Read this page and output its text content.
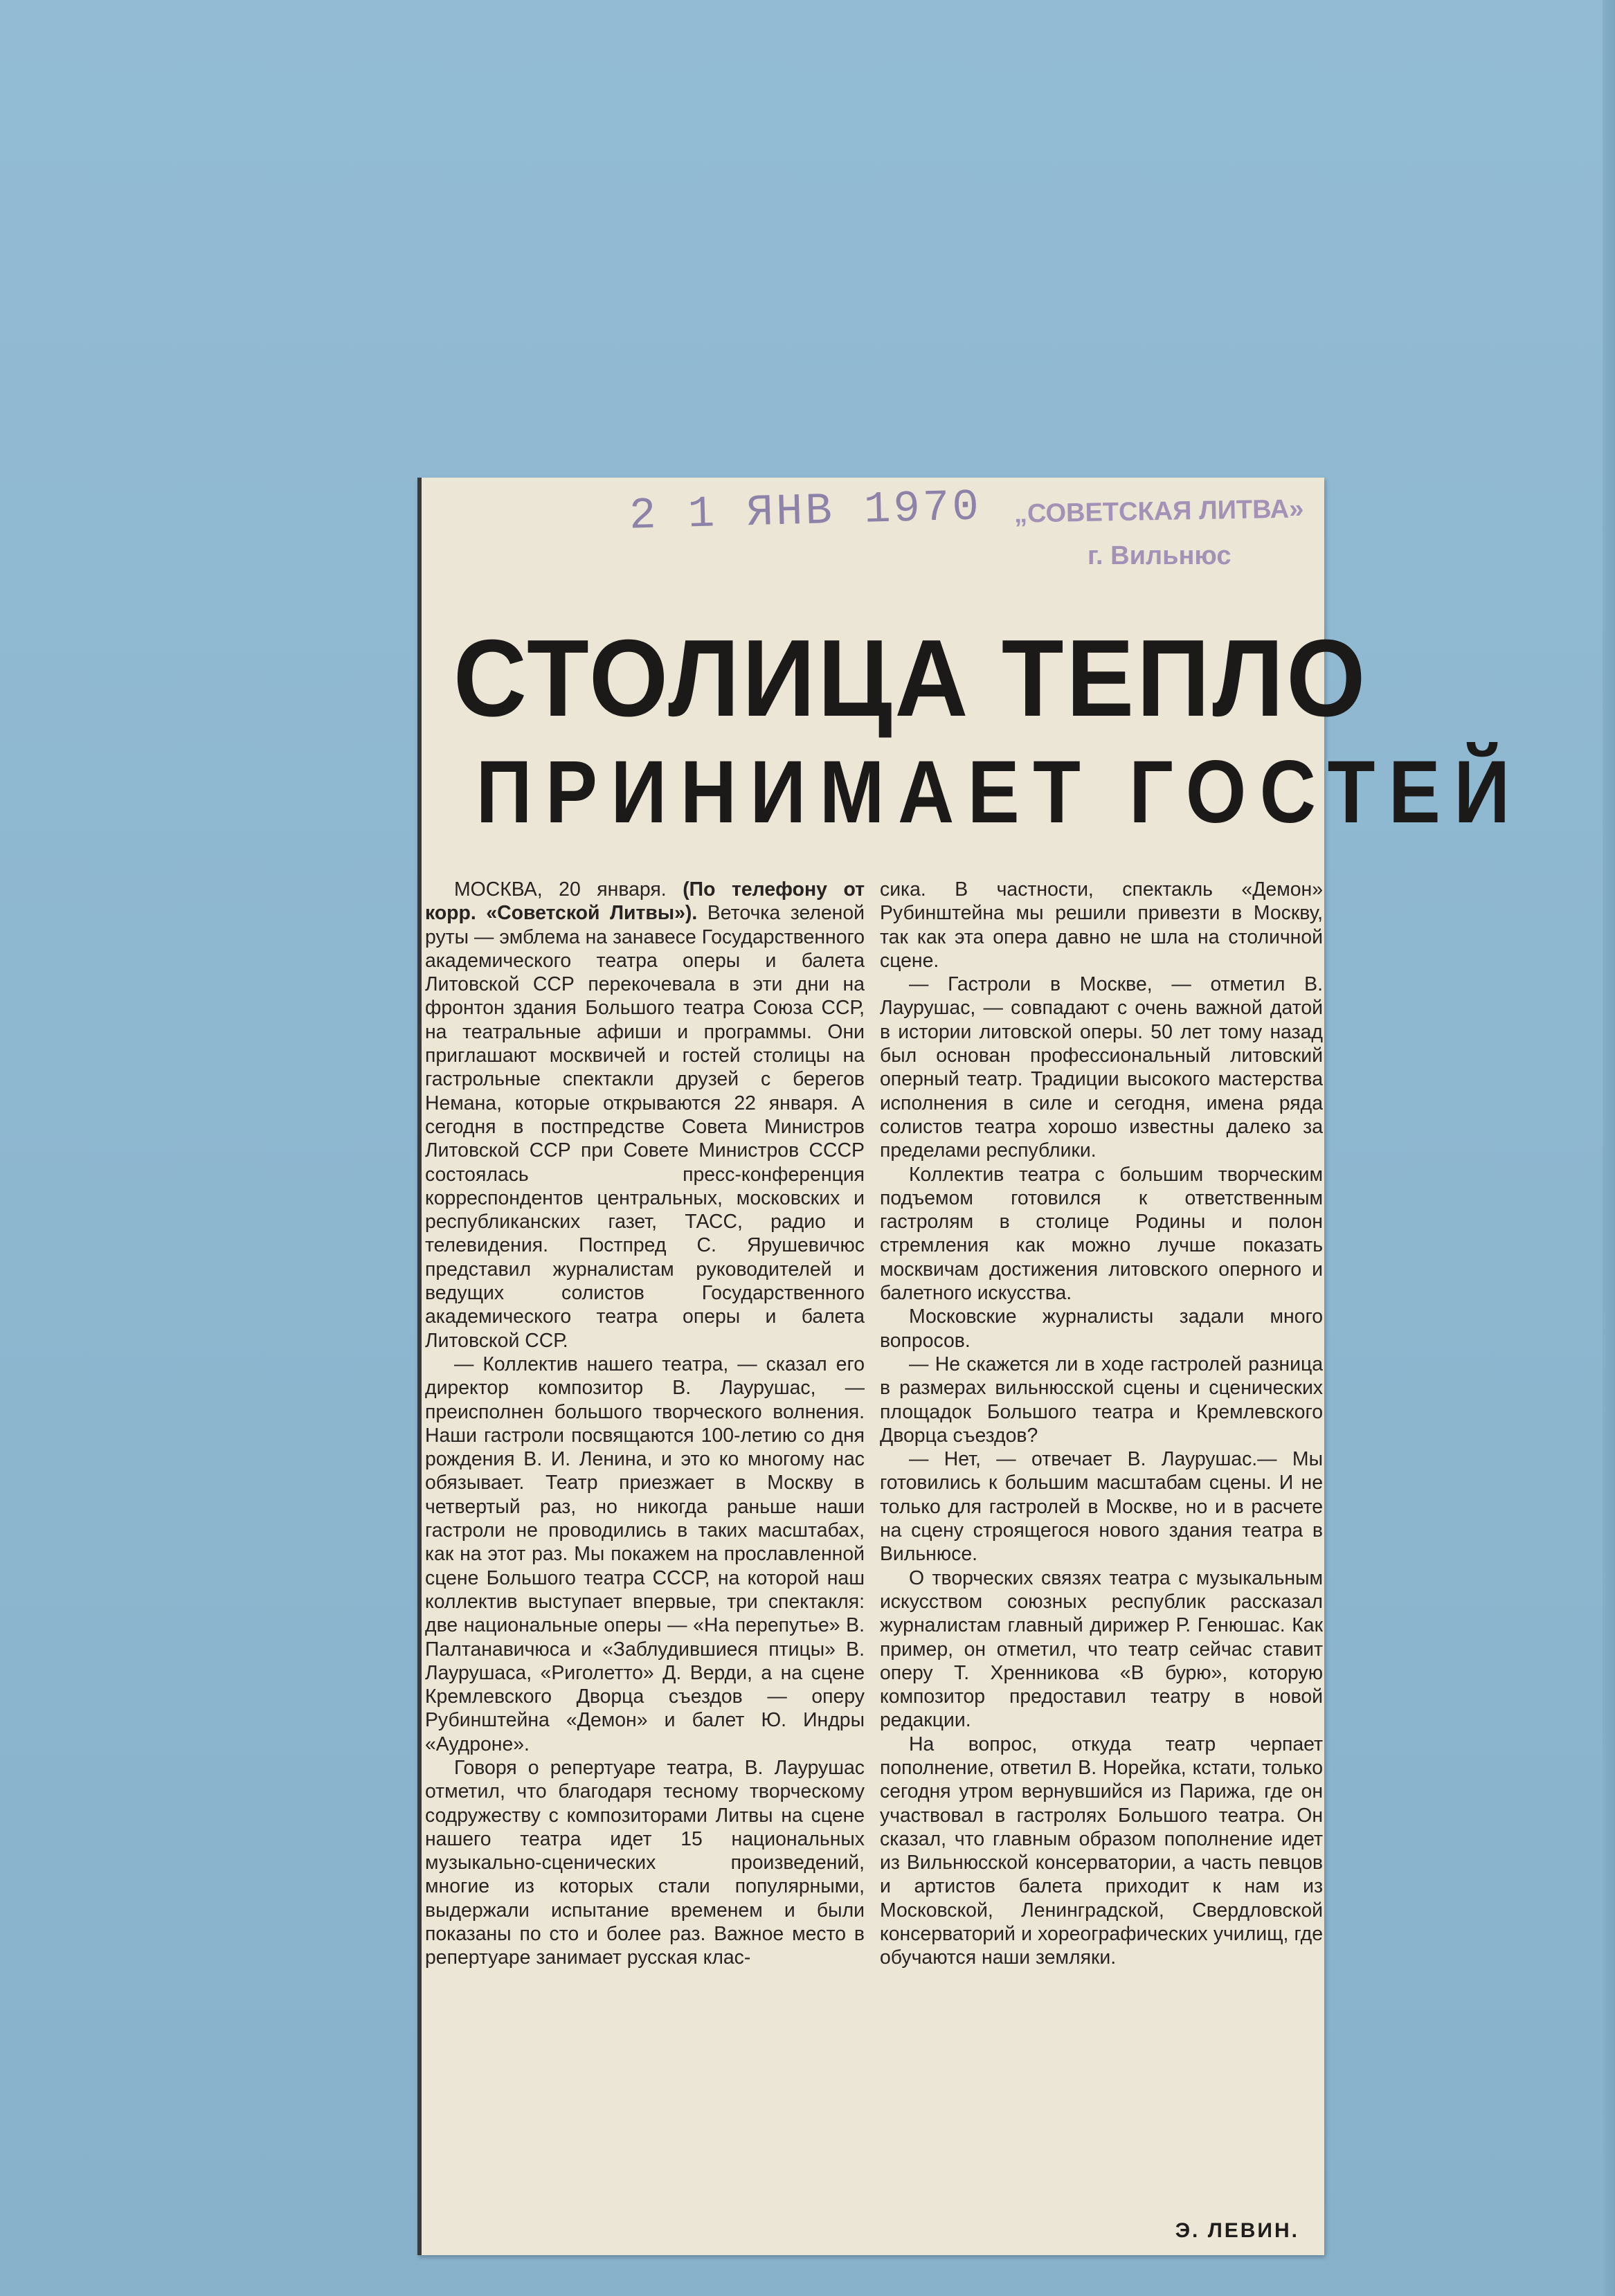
2 1 ЯНВ 1970 „СОВЕТСКАЯ ЛИТВА»
г. Вильнюс
СТОЛИЦА ТЕПЛО
ПРИНИМАЕТ ГОСТЕЙ

МОСКВА, 20 января. (По телефону от корр. «Советской Литвы»). Веточка зеленой руты — эмблема на занавесе Государственного академического театра оперы и балета Литовской ССР перекочевала в эти дни на фронтон здания Большого театра Союза ССР, на театральные афиши и программы. Они приглашают москвичей и гостей столицы на гастрольные спектакли друзей с берегов Немана, которые открываются 22 января. А сегодня в постпредстве Совета Министров Литовской ССР при Совете Министров СССР состоялась пресс-конференция корреспондентов центральных, московских и республиканских газет, ТАСС, радио и телевидения. Постпред С. Ярушевичюс представил журналистам руководителей и ведущих солистов Государственного академического театра оперы и балета Литовской ССР.

— Коллектив нашего театра, — сказал его директор композитор В. Лаурушас, — преисполнен большого творческого волнения. Наши гастроли посвящаются 100-летию со дня рождения В. И. Ленина, и это ко многому нас обязывает. Театр приезжает в Москву в четвертый раз, но никогда раньше наши гастроли не проводились в таких масштабах, как на этот раз. Мы покажем на прославленной сцене Большого театра СССР, на которой наш коллектив выступает впервые, три спектакля: две национальные оперы — «На перепутье» В. Палтанавичюса и «Заблудившиеся птицы» В. Лаурушаса, «Риголетто» Д. Верди, а на сцене Кремлевского Дворца съездов — оперу Рубинштейна «Демон» и балет Ю. Индры «Аудроне».

Говоря о репертуаре театра, В. Лаурушас отметил, что благодаря тесному творческому содружеству с композиторами Литвы на сцене нашего театра идет 15 национальных музыкально-сценических произведений, многие из которых стали популярными, выдержали испытание временем и были показаны по сто и более раз. Важное место в репертуаре занимает русская клас-

сика. В частности, спектакль «Демон» Рубинштейна мы решили привезти в Москву, так как эта опера давно не шла на столичной сцене.

— Гастроли в Москве, — отметил В. Лаурушас, — совпадают с очень важной датой в истории литовской оперы. 50 лет тому назад был основан профессиональный литовский оперный театр. Традиции высокого мастерства исполнения в силе и сегодня, имена ряда солистов театра хорошо известны далеко за пределами республики.

Коллектив театра с большим творческим подъемом готовился к ответственным гастролям в столице Родины и полон стремления как можно лучше показать москвичам достижения литовского оперного и балетного искусства.

Московские журналисты задали много вопросов.

— Не скажется ли в ходе гастролей разница в размерах вильнюсской сцены и сценических площадок Большого театра и Кремлевского Дворца съездов?

— Нет, — отвечает В. Лаурушас.— Мы готовились к большим масштабам сцены. И не только для гастролей в Москве, но и в расчете на сцену строящегося нового здания театра в Вильнюсе.

О творческих связях театра с музыкальным искусством союзных республик рассказал журналистам главный дирижер Р. Генюшас. Как пример, он отметил, что театр сейчас ставит оперу Т. Хренникова «В бурю», которую композитор предоставил театру в новой редакции.

На вопрос, откуда театр черпает пополнение, ответил В. Норейка, кстати, только сегодня утром вернувшийся из Парижа, где он участвовал в гастролях Большого театра. Он сказал, что главным образом пополнение идет из Вильнюсской консерватории, а часть певцов и артистов балета приходит к нам из Московской, Ленинградской, Свердловской консерваторий и хореографических училищ, где обучаются наши земляки.

Э. ЛЕВИН.
